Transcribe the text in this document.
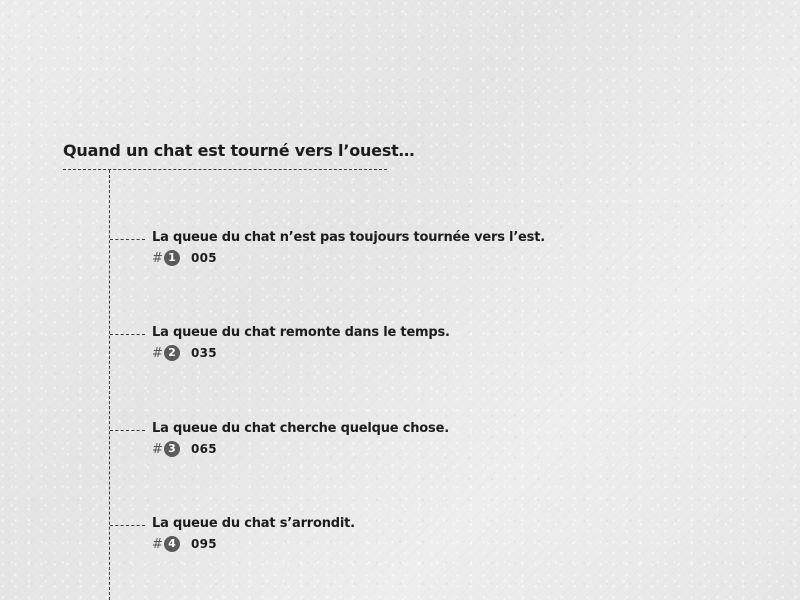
Quand un chat est tourné vers l’ouest…
La queue du chat n’est pas toujours tournée vers l’est.
# 1	005
La queue du chat remonte dans le temps.
# 2	035
La queue du chat cherche quelque chose.
# 3	065
La queue du chat s’arrondit.
# 4	095
